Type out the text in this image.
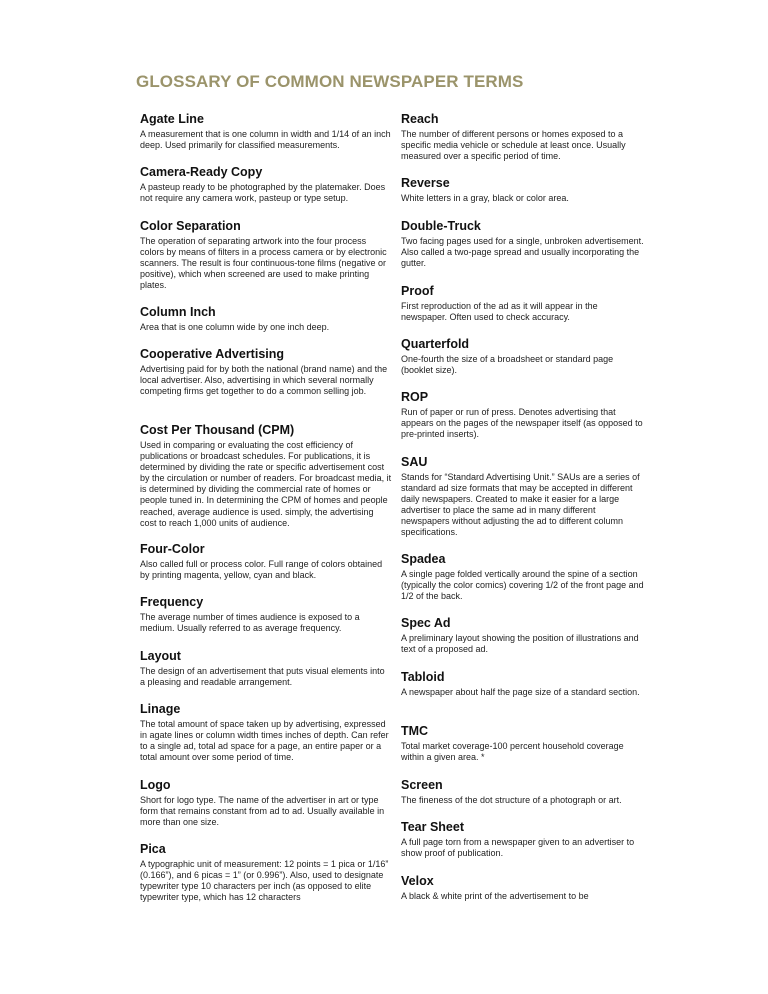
GLOSSARY OF COMMON NEWSPAPER TERMS
Agate Line

A measurement that is one column in width and 1/14 of an inch deep. Used primarily for classified measurements.

Camera-Ready Copy

A pasteup ready to be photographed by the platemaker. Does not require any camera work, pasteup or type setup.

Color Separation

The operation of separating artwork into the four process colors by means of filters in a process camera or by electronic scanners. The result is four continuous-tone films (negative or positive), which when screened are used to make printing plates.

Column Inch

Area that is one column wide by one inch deep.

Cooperative Advertising

Advertising paid for by both the national (brand name) and the local advertiser. Also, advertising in which several normally competing firms get together to do a common selling job.

Cost Per Thousand (CPM)

Used in comparing or evaluating the cost efficiency of publications or broadcast schedules. For publications, it is determined by dividing the rate or specific advertisement cost by the circulation or number of readers. For broadcast media, it is determined by dividing the commercial rate of homes or people tuned in. In determining the CPM of homes and people reached, average audience is used. simply, the advertising cost to reach 1,000 units of audience.

Four-Color

Also called full or process color. Full range of colors obtained by printing magenta, yellow, cyan and black.

Frequency

The average number of times audience is exposed to a medium. Usually referred to as average frequency.

Layout

The design of an advertisement that puts visual elements into a pleasing and readable arrangement.

Linage

The total amount of space taken up by advertising, expressed in agate lines or column width times inches of depth. Can refer to a single ad, total ad space for a page, an entire paper or a total amount over some period of time.

Logo

Short for logo type. The name of the advertiser in art or type form that remains constant from ad to ad. Usually available in more than one size.

Pica

A typographic unit of measurement: 12 points = 1 pica or 1/16” (0.166”), and 6 picas = 1” (or 0.996”). Also, used to designate typewriter type 10 characters per inch (as opposed to elite typewriter type, which has 12 characters

Reach

The number of different persons or homes exposed to a specific media vehicle or schedule at least once. Usually measured over a specific period of time.

Reverse

White letters in a gray, black or color area.

Double-Truck

Two facing pages used for a single, unbroken advertisement. Also called a two-page spread and usually incorporating the gutter.

Proof

First reproduction of the ad as it will appear in the newspaper. Often used to check accuracy.

Quarterfold

One-fourth the size of a broadsheet or standard page (booklet size).

ROP

Run of paper or run of press. Denotes advertising that appears on the pages of the newspaper itself (as opposed to pre-printed inserts).

SAU

Stands for “Standard Advertising Unit.” SAUs are a series of standard ad size formats that may be accepted in different daily newspapers. Created to make it easier for a large advertiser to place the same ad in many different newspapers without adjusting the ad to different column specifications.

Spadea

A single page folded vertically around the spine of a section (typically the color comics) covering 1/2 of the front page and 1/2 of the back.

Spec Ad

A preliminary layout showing the position of illustrations and text of a proposed ad.

Tabloid

A newspaper about half the page size of a standard section.

TMC

Total market coverage-100 percent household coverage within a given area. *

Screen

The fineness of the dot structure of a photograph or art.

Tear Sheet

A full page torn from a newspaper given to an advertiser to show proof of publication.

Velox

A black & white print of the advertisement to be
